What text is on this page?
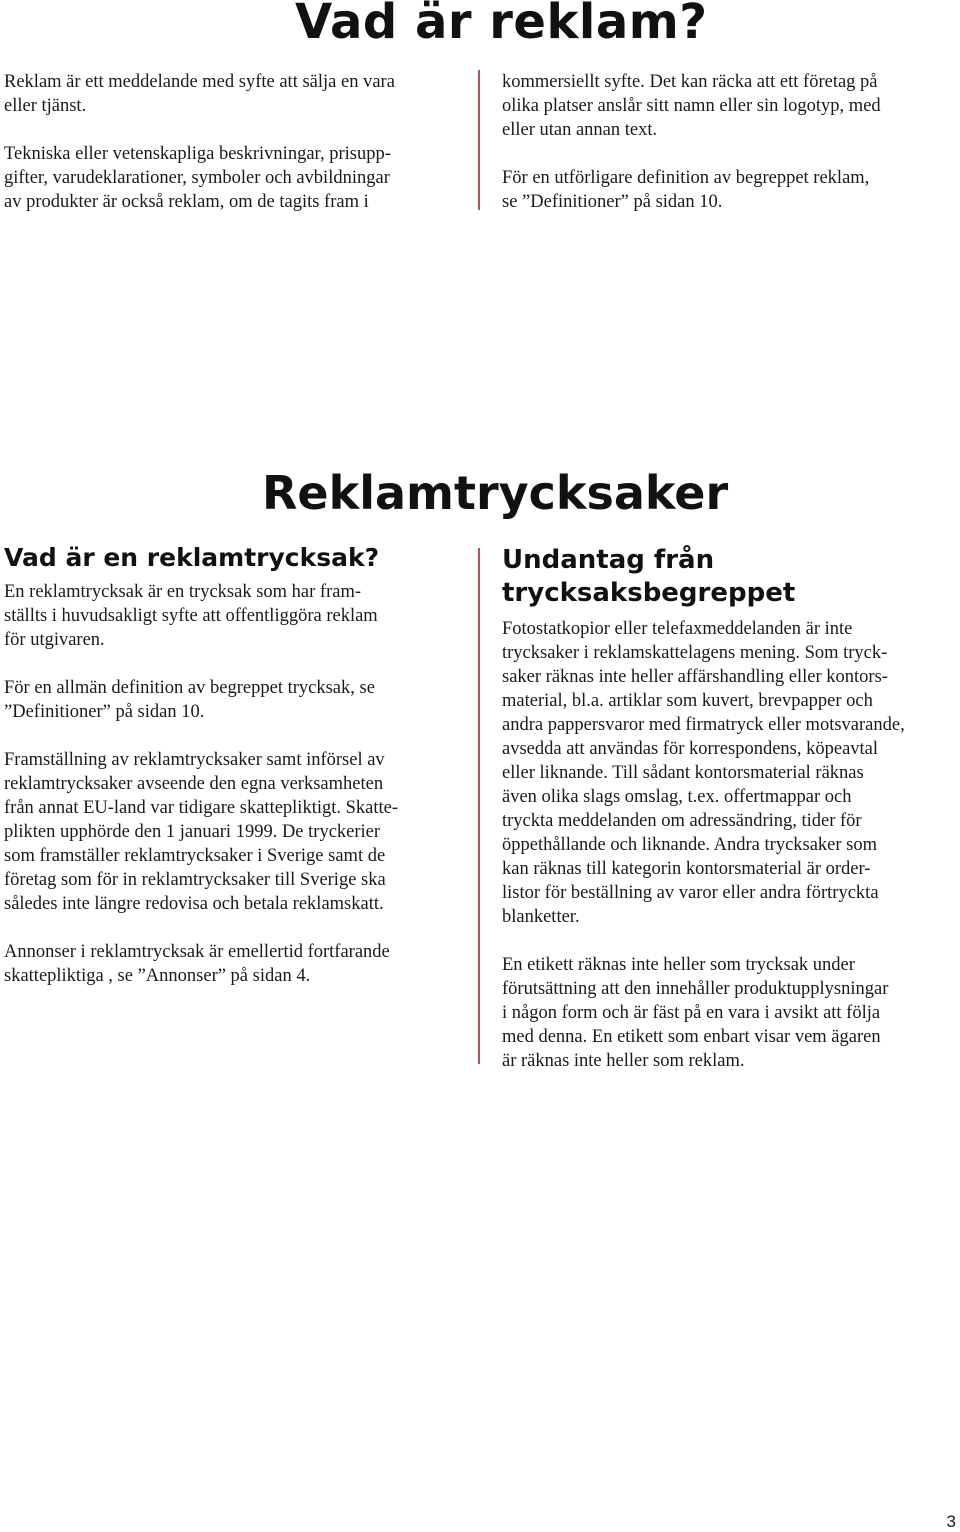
Vad är reklam?

Reklam är ett meddelande med syfte att sälja en vara
eller tjänst.

Tekniska eller vetenskapliga beskrivningar, prisupp-
gifter, varudeklarationer, symboler och avbildningar
av produkter är också reklam, om de tagits fram i

kommersiellt syfte. Det kan räcka att ett företag på
olika platser anslår sitt namn eller sin logotyp, med
eller utan annan text.

För en utförligare definition av begreppet reklam,
se ”Definitioner” på sidan 10.

Reklamtrycksaker
Vad är en reklamtrycksak?

En reklamtrycksak är en trycksak som har fram-
ställts i huvudsakligt syfte att offentliggöra reklam
för utgivaren.

För en allmän definition av begreppet trycksak, se
”Definitioner” på sidan 10.

Framställning av reklamtrycksaker samt införsel av
reklamtrycksaker avseende den egna verksamheten
från annat EU-land var tidigare skattepliktigt. Skatte-
plikten upphörde den 1 januari 1999. De tryckerier
som framställer reklamtrycksaker i Sverige samt de
företag som för in reklamtrycksaker till Sverige ska
således inte längre redovisa och betala reklamskatt.

Annonser i reklamtrycksak är emellertid fortfarande
skattepliktiga , se ”Annonser” på sidan 4.

Undantag från
trycksaksbegreppet

Fotostatkopior eller telefaxmeddelanden är inte
trycksaker i reklamskattelagens mening. Som tryck-
saker räknas inte heller affärshandling eller kontors-
material, bl.a. artiklar som kuvert, brevpapper och
andra pappersvaror med firmatryck eller motsvarande,
avsedda att användas för korrespondens, köpeavtal
eller liknande. Till sådant kontorsmaterial räknas
även olika slags omslag, t.ex. offertmappar och
tryckta meddelanden om adressändring, tider för
öppethållande och liknande. Andra trycksaker som
kan räknas till kategorin kontorsmaterial är order-
listor för beställning av varor eller andra förtryckta
blanketter.

En etikett räknas inte heller som trycksak under
förutsättning att den innehåller produktupplysningar
i någon form och är fäst på en vara i avsikt att följa
med denna. En etikett som enbart visar vem ägaren
är räknas inte heller som reklam.

3
